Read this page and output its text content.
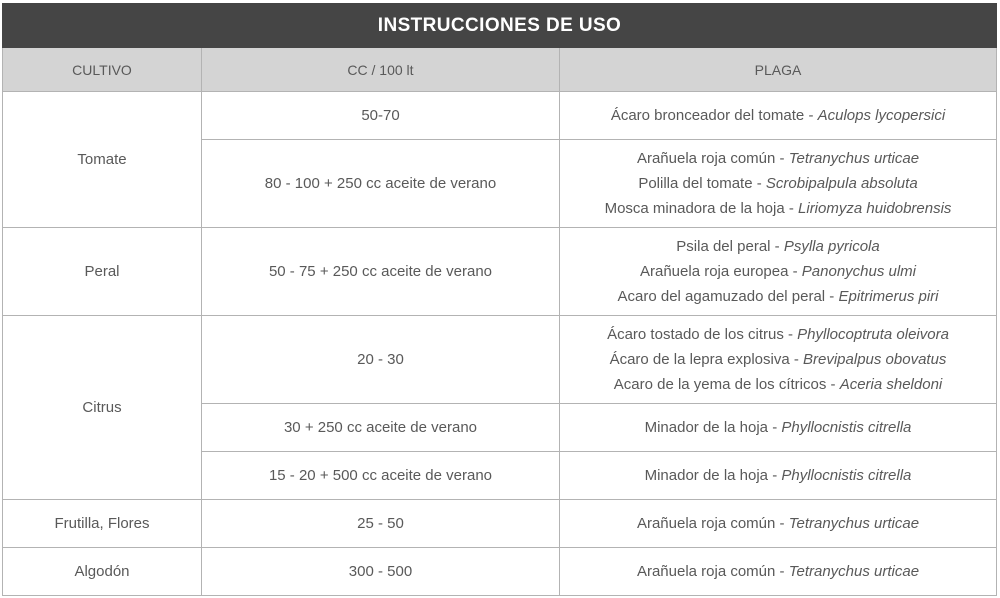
INSTRUCCIONES DE USO		
CULTIVO	CC / 100 lt	PLAGA
Tomate	50-70	Ácaro bronceador del tomate - Aculops lycopersici

	80 - 100 + 250 cc aceite de verano	Arañuela roja común - Tetranychus urticae
Polilla del tomate - Scrobipalpula absoluta
Mosca minadora de la hoja - Liriomyza huidobrensis

Peral	50 - 75 + 250 cc aceite de verano	Psila del peral - Psylla pyricola
Arañuela roja europea - Panonychus ulmi
Acaro del agamuzado del peral - Epitrimerus piri

Citrus	20 - 30	Ácaro tostado de los citrus - Phyllocoptruta oleivora
Ácaro de la lepra explosiva - Brevipalpus obovatus
Acaro de la yema de los cítricos - Aceria sheldoni

	30 + 250 cc aceite de verano	Minador de la hoja - Phyllocnistis citrella

	15 - 20 + 500 cc aceite de verano	Minador de la hoja - Phyllocnistis citrella

Frutilla, Flores	25 - 50	Arañuela roja común - Tetranychus urticae

Algodón	300 - 500	Arañuela roja común - Tetranychus urticae
